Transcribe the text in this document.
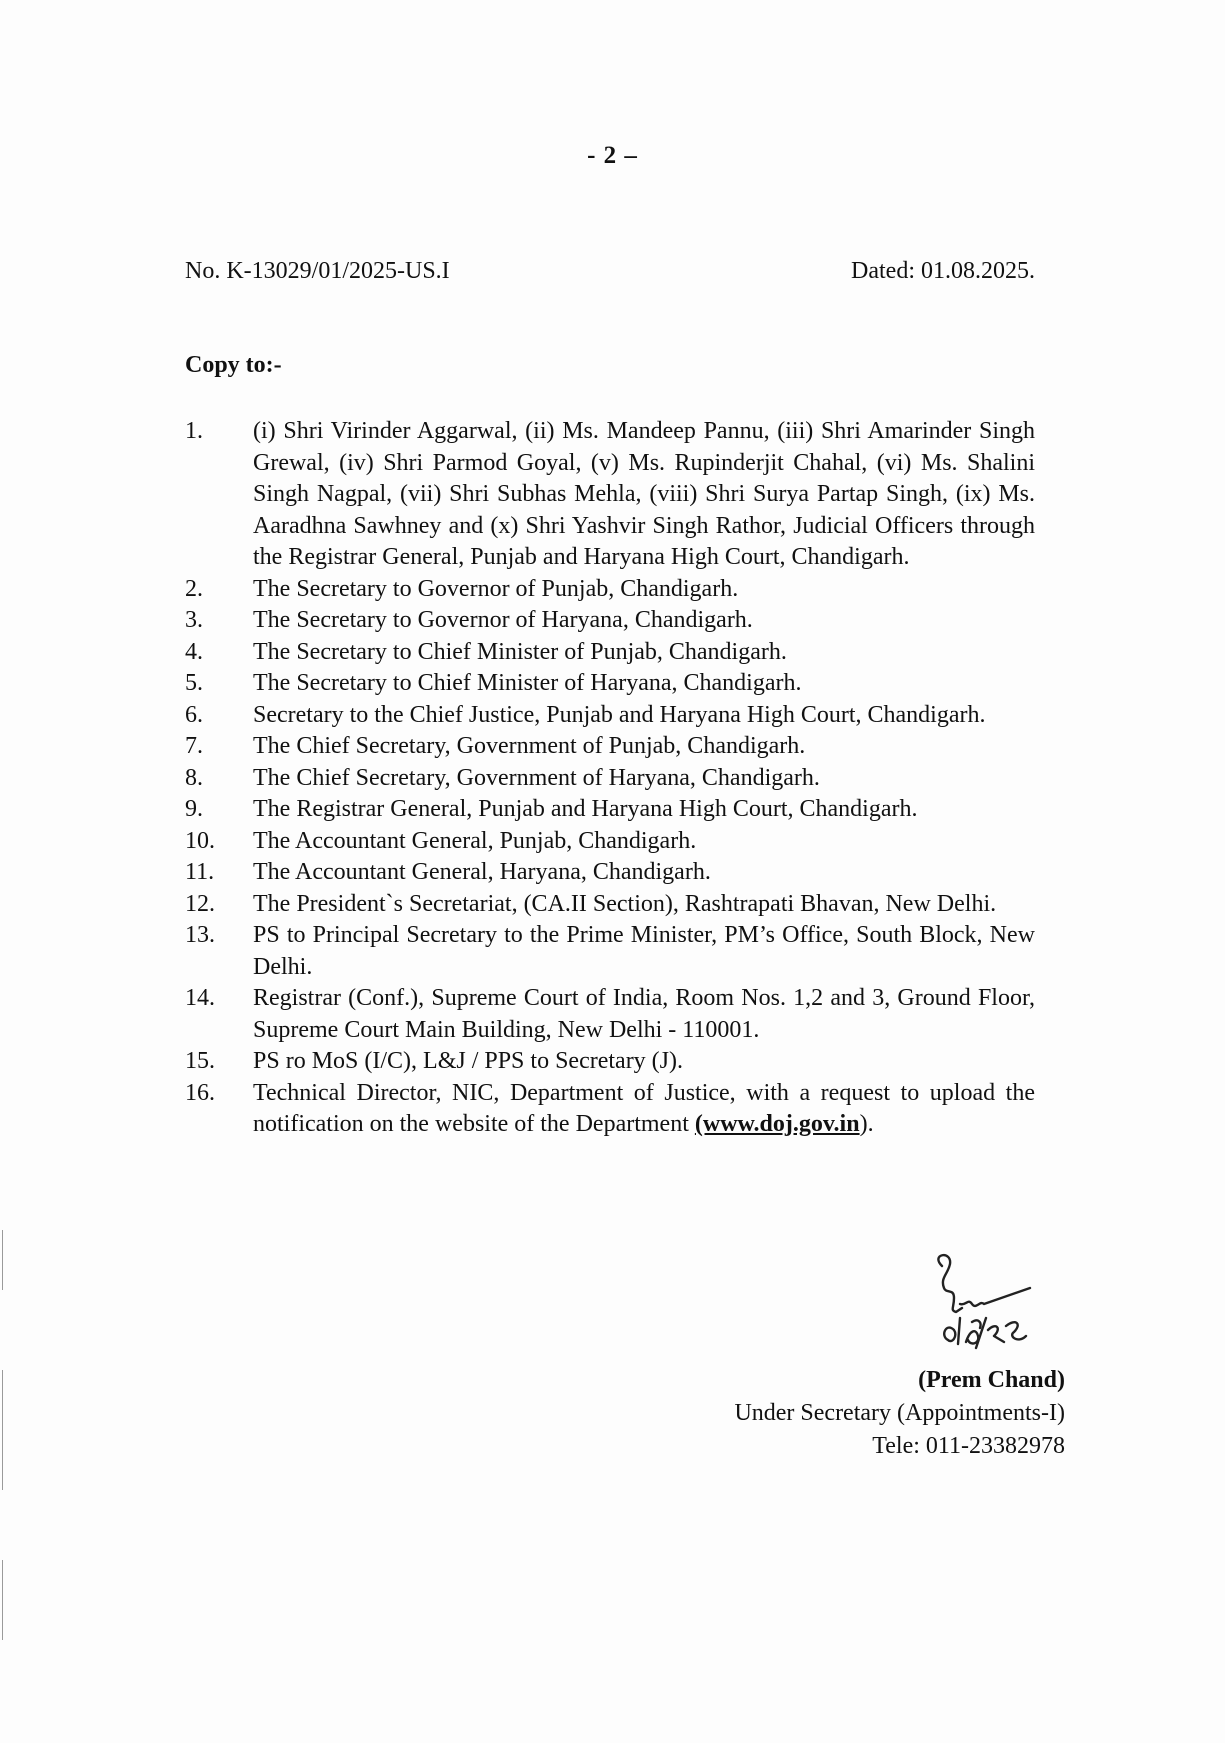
- 2 –
No. K-13029/01/2025-US.I	Dated: 01.08.2025.
Copy to:-
1.	(i) Shri Virinder Aggarwal, (ii) Ms. Mandeep Pannu, (iii) Shri Amarinder Singh Grewal, (iv) Shri Parmod Goyal, (v) Ms. Rupinderjit Chahal, (vi) Ms. Shalini Singh Nagpal, (vii) Shri Subhas Mehla, (viii) Shri Surya Partap Singh, (ix) Ms. Aaradhna Sawhney and (x) Shri Yashvir Singh Rathor, Judicial Officers through the Registrar General, Punjab and Haryana High Court, Chandigarh.
2.	The Secretary to Governor of Punjab, Chandigarh.
3.	The Secretary to Governor of Haryana, Chandigarh.
4.	The Secretary to Chief Minister of Punjab, Chandigarh.
5.	The Secretary to Chief Minister of Haryana, Chandigarh.
6.	Secretary to the Chief Justice, Punjab and Haryana High Court, Chandigarh.
7.	The Chief Secretary, Government of Punjab, Chandigarh.
8.	The Chief Secretary, Government of Haryana, Chandigarh.
9.	The Registrar General, Punjab and Haryana High Court, Chandigarh.
10.	The Accountant General, Punjab, Chandigarh.
11.	The Accountant General, Haryana, Chandigarh.
12.	The President`s Secretariat, (CA.II Section), Rashtrapati Bhavan, New Delhi.
13.	PS to Principal Secretary to the Prime Minister, PM’s Office, South Block, New Delhi.
14.	Registrar (Conf.), Supreme Court of India, Room Nos. 1,2 and 3, Ground Floor, Supreme Court Main Building, New Delhi - 110001.
15.	PS ro MoS (I/C), L&J / PPS to Secretary (J).
16.	Technical Director, NIC, Department of Justice, with a request to upload the notification on the website of the Department (www.doj.gov.in).
(Prem Chand)
Under Secretary (Appointments-I)
Tele: 011-23382978
